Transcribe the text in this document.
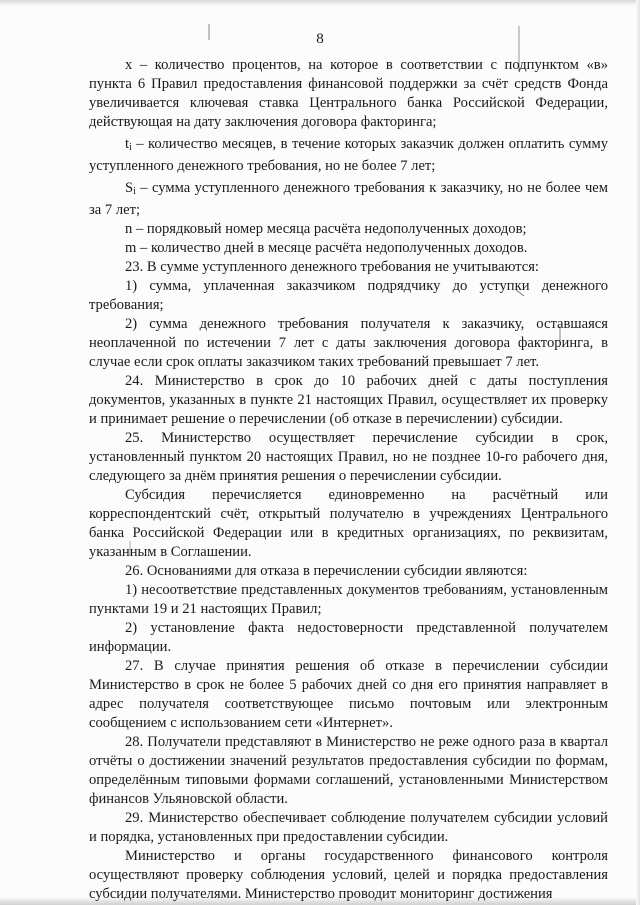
8

x – количество процентов, на которое в соответствии с подпунктом «в» пункта 6 Правил предоставления финансовой поддержки за счёт средств Фонда увеличивается ключевая ставка Центрального банка Российской Федерации, действующая на дату заключения договора факторинга;

$t_i$ – количество месяцев, в течение которых заказчик должен оплатить сумму уступленного денежного требования, но не более 7 лет;

$S_i$ – сумма уступленного денежного требования к заказчику, но не более чем за 7 лет;

n – порядковый номер месяца расчёта недополученных доходов;

m – количество дней в месяце расчёта недополученных доходов.

23. В сумме уступленного денежного требования не учитываются:

1) сумма, уплаченная заказчиком подрядчику до уступки денежного требования;

2) сумма денежного требования получателя к заказчику, оставшаяся неоплаченной по истечении 7 лет с даты заключения договора факторинга, в случае если срок оплаты заказчиком таких требований превышает 7 лет.

24. Министерство в срок до 10 рабочих дней с даты поступления документов, указанных в пункте 21 настоящих Правил, осуществляет их проверку и принимает решение о перечислении (об отказе в перечислении) субсидии.

25. Министерство осуществляет перечисление субсидии в срок, установленный пунктом 20 настоящих Правил, но не позднее 10-го рабочего дня, следующего за днём принятия решения о перечислении субсидии.

Субсидия перечисляется единовременно на расчётный или корреспондентский счёт, открытый получателю в учреждениях Центрального банка Российской Федерации или в кредитных организациях, по реквизитам, указанным в Соглашении.

26. Основаниями для отказа в перечислении субсидии являются:

1) несоответствие представленных документов требованиям, установленным пунктами 19 и 21 настоящих Правил;

2) установление факта недостоверности представленной получателем информации.

27. В случае принятия решения об отказе в перечислении субсидии Министерство в срок не более 5 рабочих дней со дня его принятия направляет в адрес получателя соответствующее письмо почтовым или электронным сообщением с использованием сети «Интернет».

28. Получатели представляют в Министерство не реже одного раза в квартал отчёты о достижении значений результатов предоставления субсидии по формам, определённым типовыми формами соглашений, установленными Министерством финансов Ульяновской области.

29. Министерство обеспечивает соблюдение получателем субсидии условий и порядка, установленных при предоставлении субсидии.

Министерство и органы государственного финансового контроля осуществляют проверку соблюдения условий, целей и порядка предоставления субсидии получателями. Министерство проводит мониторинг достижения
